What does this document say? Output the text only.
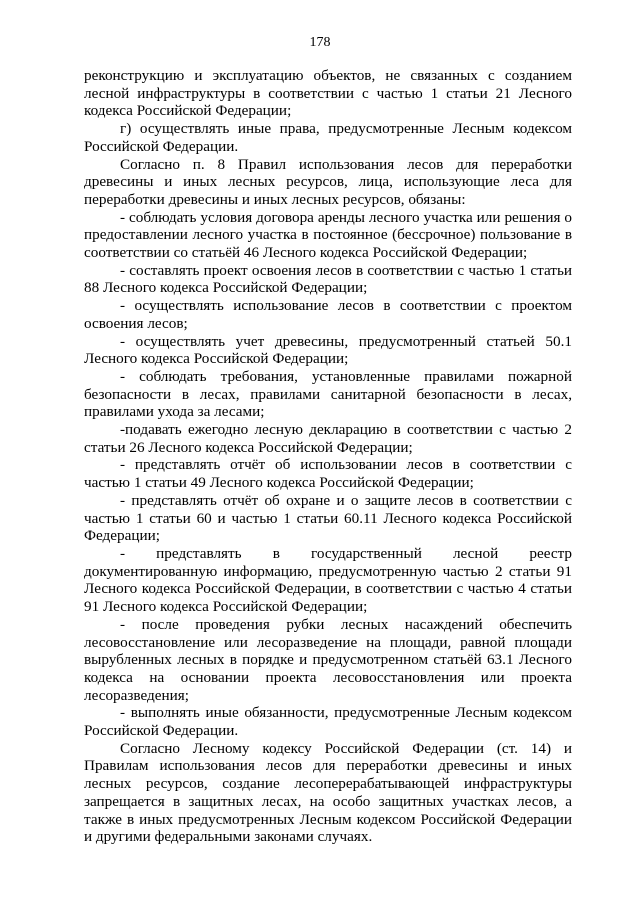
178

реконструкцию и эксплуатацию объектов, не связанных с созданием лесной инфраструктуры в соответствии с частью 1 статьи 21 Лесного кодекса Российской Федерации;

г) осуществлять иные права, предусмотренные Лесным кодексом Российской Федерации.

Согласно п. 8 Правил использования лесов для переработки древесины и иных лесных ресурсов, лица, использующие леса для переработки древесины и иных лесных ресурсов, обязаны:

- соблюдать условия договора аренды лесного участка или решения о предоставлении лесного участка в постоянное (бессрочное) пользование в соответствии со статьёй 46 Лесного кодекса Российской Федерации;

- составлять проект освоения лесов в соответствии с частью 1 статьи 88 Лесного кодекса Российской Федерации;

- осуществлять использование лесов в соответствии с проектом освоения лесов;

- осуществлять учет древесины, предусмотренный статьей 50.1 Лесного кодекса Российской Федерации;

- соблюдать требования, установленные правилами пожарной безопасности в лесах, правилами санитарной безопасности в лесах, правилами ухода за лесами;

-подавать ежегодно лесную декларацию в соответствии с частью 2 статьи 26 Лесного кодекса Российской Федерации;

- представлять отчёт об использовании лесов в соответствии с частью 1 статьи 49 Лесного кодекса Российской Федерации;

- представлять отчёт об охране и о защите лесов в соответствии с частью 1 статьи 60 и частью 1 статьи 60.11 Лесного кодекса Российской Федерации;

- представлять в государственный лесной реестр документированную информацию, предусмотренную частью 2 статьи 91 Лесного кодекса Российской Федерации, в соответствии с частью 4 статьи 91 Лесного кодекса Российской Федерации;

- после проведения рубки лесных насаждений обеспечить лесовосстановление или лесоразведение на площади, равной площади вырубленных лесных в порядке и предусмотренном статьёй 63.1 Лесного кодекса на основании проекта лесовосстановления или проекта лесоразведения;

- выполнять иные обязанности, предусмотренные Лесным кодексом Российской Федерации.

Согласно Лесному кодексу Российской Федерации (ст. 14) и Правилам использования лесов для переработки древесины и иных лесных ресурсов, создание лесоперерабатывающей инфраструктуры запрещается в защитных лесах, на особо защитных участках лесов, а также в иных предусмотренных Лесным кодексом Российской Федерации и другими федеральными законами случаях.
